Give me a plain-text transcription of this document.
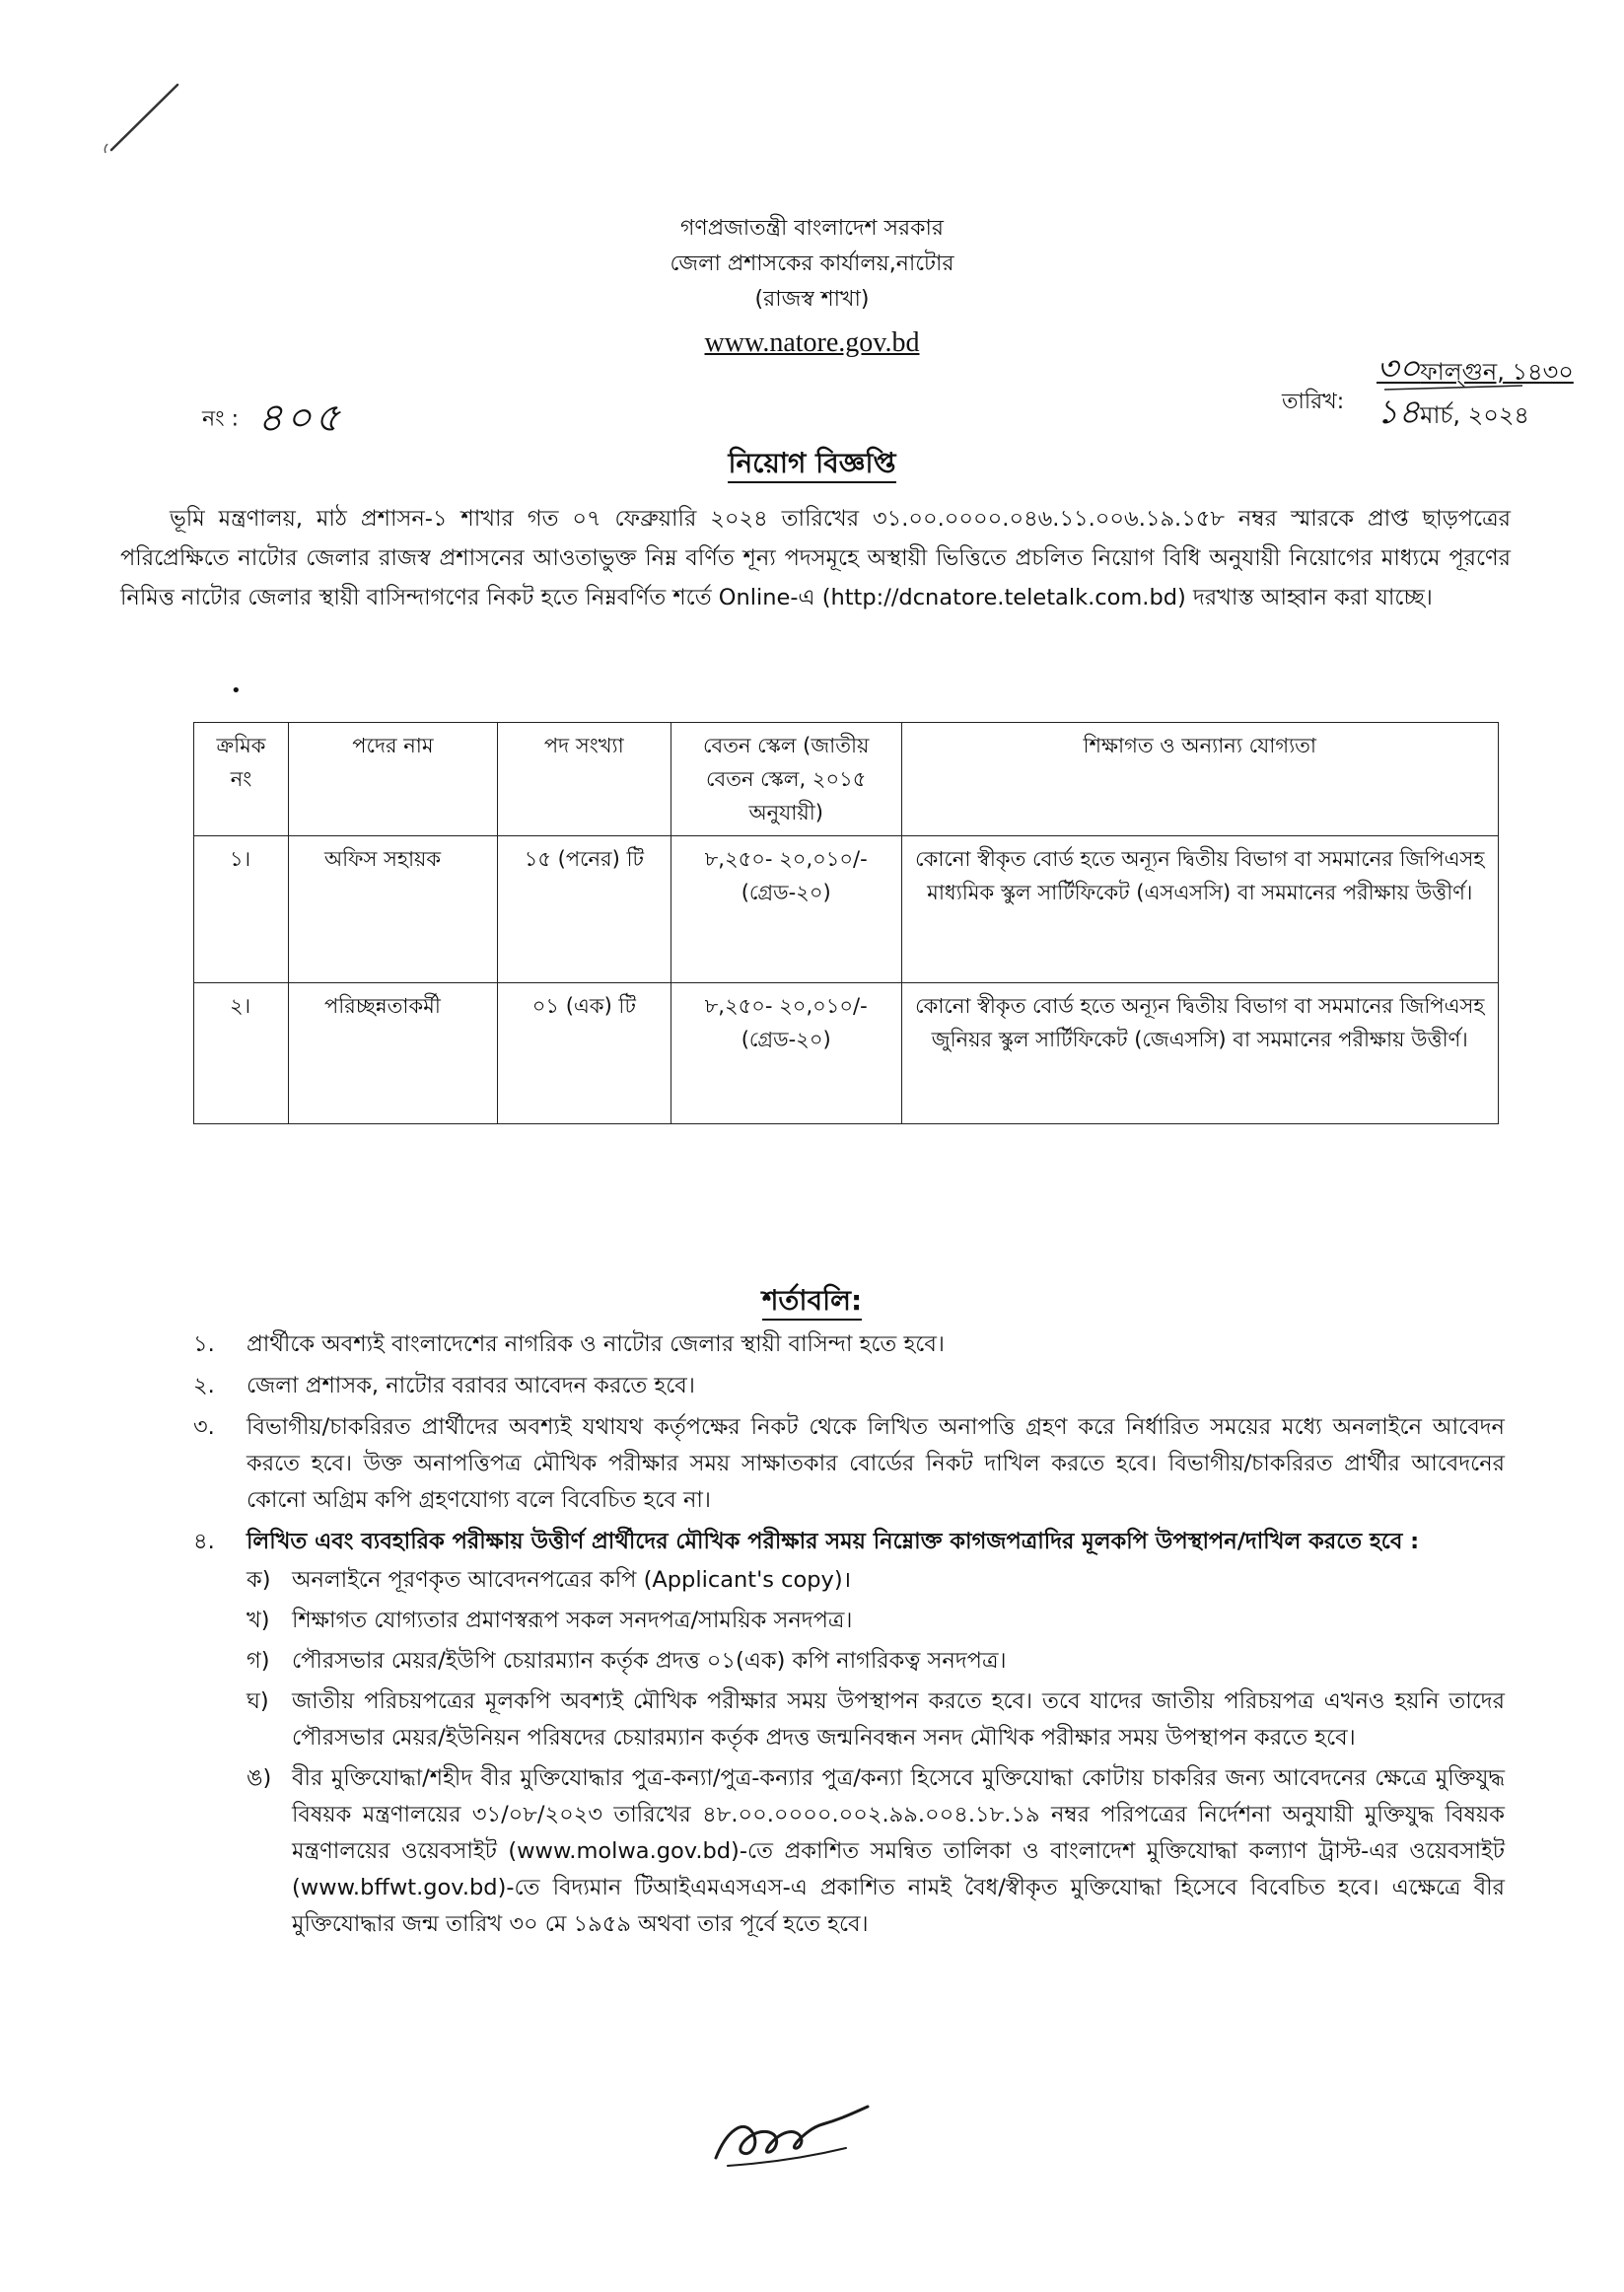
গণপ্রজাতন্ত্রী বাংলাদেশ সরকার
জেলা প্রশাসকের কার্যালয়,নাটোর
(রাজস্ব শাখা)
www.natore.gov.bd
নং : ৪০৫	তারিখ:
৩০ফাল্গুন, ১৪৩০
১৪মার্চ, ২০২৪
নিয়োগ বিজ্ঞপ্তি
ভূমি মন্ত্রণালয়, মাঠ প্রশাসন-১ শাখার গত ০৭ ফেব্রুয়ারি ২০২৪ তারিখের ৩১.০০.০০০০.০৪৬.১১.০০৬.১৯.১৫৮ নম্বর স্মারকে প্রাপ্ত ছাড়পত্রের পরিপ্রেক্ষিতে নাটোর জেলার রাজস্ব প্রশাসনের আওতাভুক্ত নিম্ন বর্ণিত শূন্য পদসমূহে অস্থায়ী ভিত্তিতে প্রচলিত নিয়োগ বিধি অনুযায়ী নিয়োগের মাধ্যমে পূরণের নিমিত্ত নাটোর জেলার স্থায়ী বাসিন্দাগণের নিকট হতে নিম্নবর্ণিত শর্তে Online-এ (http://dcnatore.teletalk.com.bd) দরখাস্ত আহ্বান করা যাচ্ছে।
•
ক্রমিক নং	পদের নাম	পদ সংখ্যা	বেতন স্কেল (জাতীয় বেতন স্কেল, ২০১৫ অনুযায়ী)	শিক্ষাগত ও অন্যান্য যোগ্যতা
১।	অফিস সহায়ক	১৫ (পনের) টি	৮,২৫০- ২০,০১০/- (গ্রেড-২০)	কোনো স্বীকৃত বোর্ড হতে অন্যূন দ্বিতীয় বিভাগ বা সমমানের জিপিএসহ মাধ্যমিক স্কুল সার্টিফিকেট (এসএসসি) বা সমমানের পরীক্ষায় উত্তীর্ণ।
২।	পরিচ্ছন্নতাকর্মী	০১ (এক) টি	৮,২৫০- ২০,০১০/- (গ্রেড-২০)	কোনো স্বীকৃত বোর্ড হতে অন্যূন দ্বিতীয় বিভাগ বা সমমানের জিপিএসহ জুনিয়র স্কুল সার্টিফিকেট (জেএসসি) বা সমমানের পরীক্ষায় উত্তীর্ণ।
শর্তাবলি:
১. প্রার্থীকে অবশ্যই বাংলাদেশের নাগরিক ও নাটোর জেলার স্থায়ী বাসিন্দা হতে হবে।
২. জেলা প্রশাসক, নাটোর বরাবর আবেদন করতে হবে।
৩. বিভাগীয়/চাকরিরত প্রার্থীদের অবশ্যই যথাযথ কর্তৃপক্ষের নিকট থেকে লিখিত অনাপত্তি গ্রহণ করে নির্ধারিত সময়ের মধ্যে অনলাইনে আবেদন করতে হবে। উক্ত অনাপত্তিপত্র মৌখিক পরীক্ষার সময় সাক্ষাতকার বোর্ডের নিকট দাখিল করতে হবে। বিভাগীয়/চাকরিরত প্রার্থীর আবেদনের কোনো অগ্রিম কপি গ্রহণযোগ্য বলে বিবেচিত হবে না।
৪. লিখিত এবং ব্যবহারিক পরীক্ষায় উত্তীর্ণ প্রার্থীদের মৌখিক পরীক্ষার সময় নিম্নোক্ত কাগজপত্রাদির মূলকপি উপস্থাপন/দাখিল করতে হবে :
ক) অনলাইনে পূরণকৃত আবেদনপত্রের কপি (Applicant's copy)।
খ) শিক্ষাগত যোগ্যতার প্রমাণস্বরূপ সকল সনদপত্র/সাময়িক সনদপত্র।
গ) পৌরসভার মেয়র/ইউপি চেয়ারম্যান কর্তৃক প্রদত্ত ০১(এক) কপি নাগরিকত্ব সনদপত্র।
ঘ) জাতীয় পরিচয়পত্রের মূলকপি অবশ্যই মৌখিক পরীক্ষার সময় উপস্থাপন করতে হবে। তবে যাদের জাতীয় পরিচয়পত্র এখনও হয়নি তাদের পৌরসভার মেয়র/ইউনিয়ন পরিষদের চেয়ারম্যান কর্তৃক প্রদত্ত জন্মনিবন্ধন সনদ মৌখিক পরীক্ষার সময় উপস্থাপন করতে হবে।
ঙ) বীর মুক্তিযোদ্ধা/শহীদ বীর মুক্তিযোদ্ধার পুত্র-কন্যা/পুত্র-কন্যার পুত্র/কন্যা হিসেবে মুক্তিযোদ্ধা কোটায় চাকরির জন্য আবেদনের ক্ষেত্রে মুক্তিযুদ্ধ বিষয়ক মন্ত্রণালয়ের ৩১/০৮/২০২৩ তারিখের ৪৮.০০.০০০০.০০২.৯৯.০০৪.১৮.১৯ নম্বর পরিপত্রের নির্দেশনা অনুযায়ী মুক্তিযুদ্ধ বিষয়ক মন্ত্রণালয়ের ওয়েবসাইট (www.molwa.gov.bd)-তে প্রকাশিত সমন্বিত তালিকা ও বাংলাদেশ মুক্তিযোদ্ধা কল্যাণ ট্রাস্ট-এর ওয়েবসাইট (www.bffwt.gov.bd)-তে বিদ্যমান টিআইএমএসএস-এ প্রকাশিত নামই বৈধ/স্বীকৃত মুক্তিযোদ্ধা হিসেবে বিবেচিত হবে। এক্ষেত্রে বীর মুক্তিযোদ্ধার জন্ম তারিখ ৩০ মে ১৯৫৯ অথবা তার পূর্বে হতে হবে।
